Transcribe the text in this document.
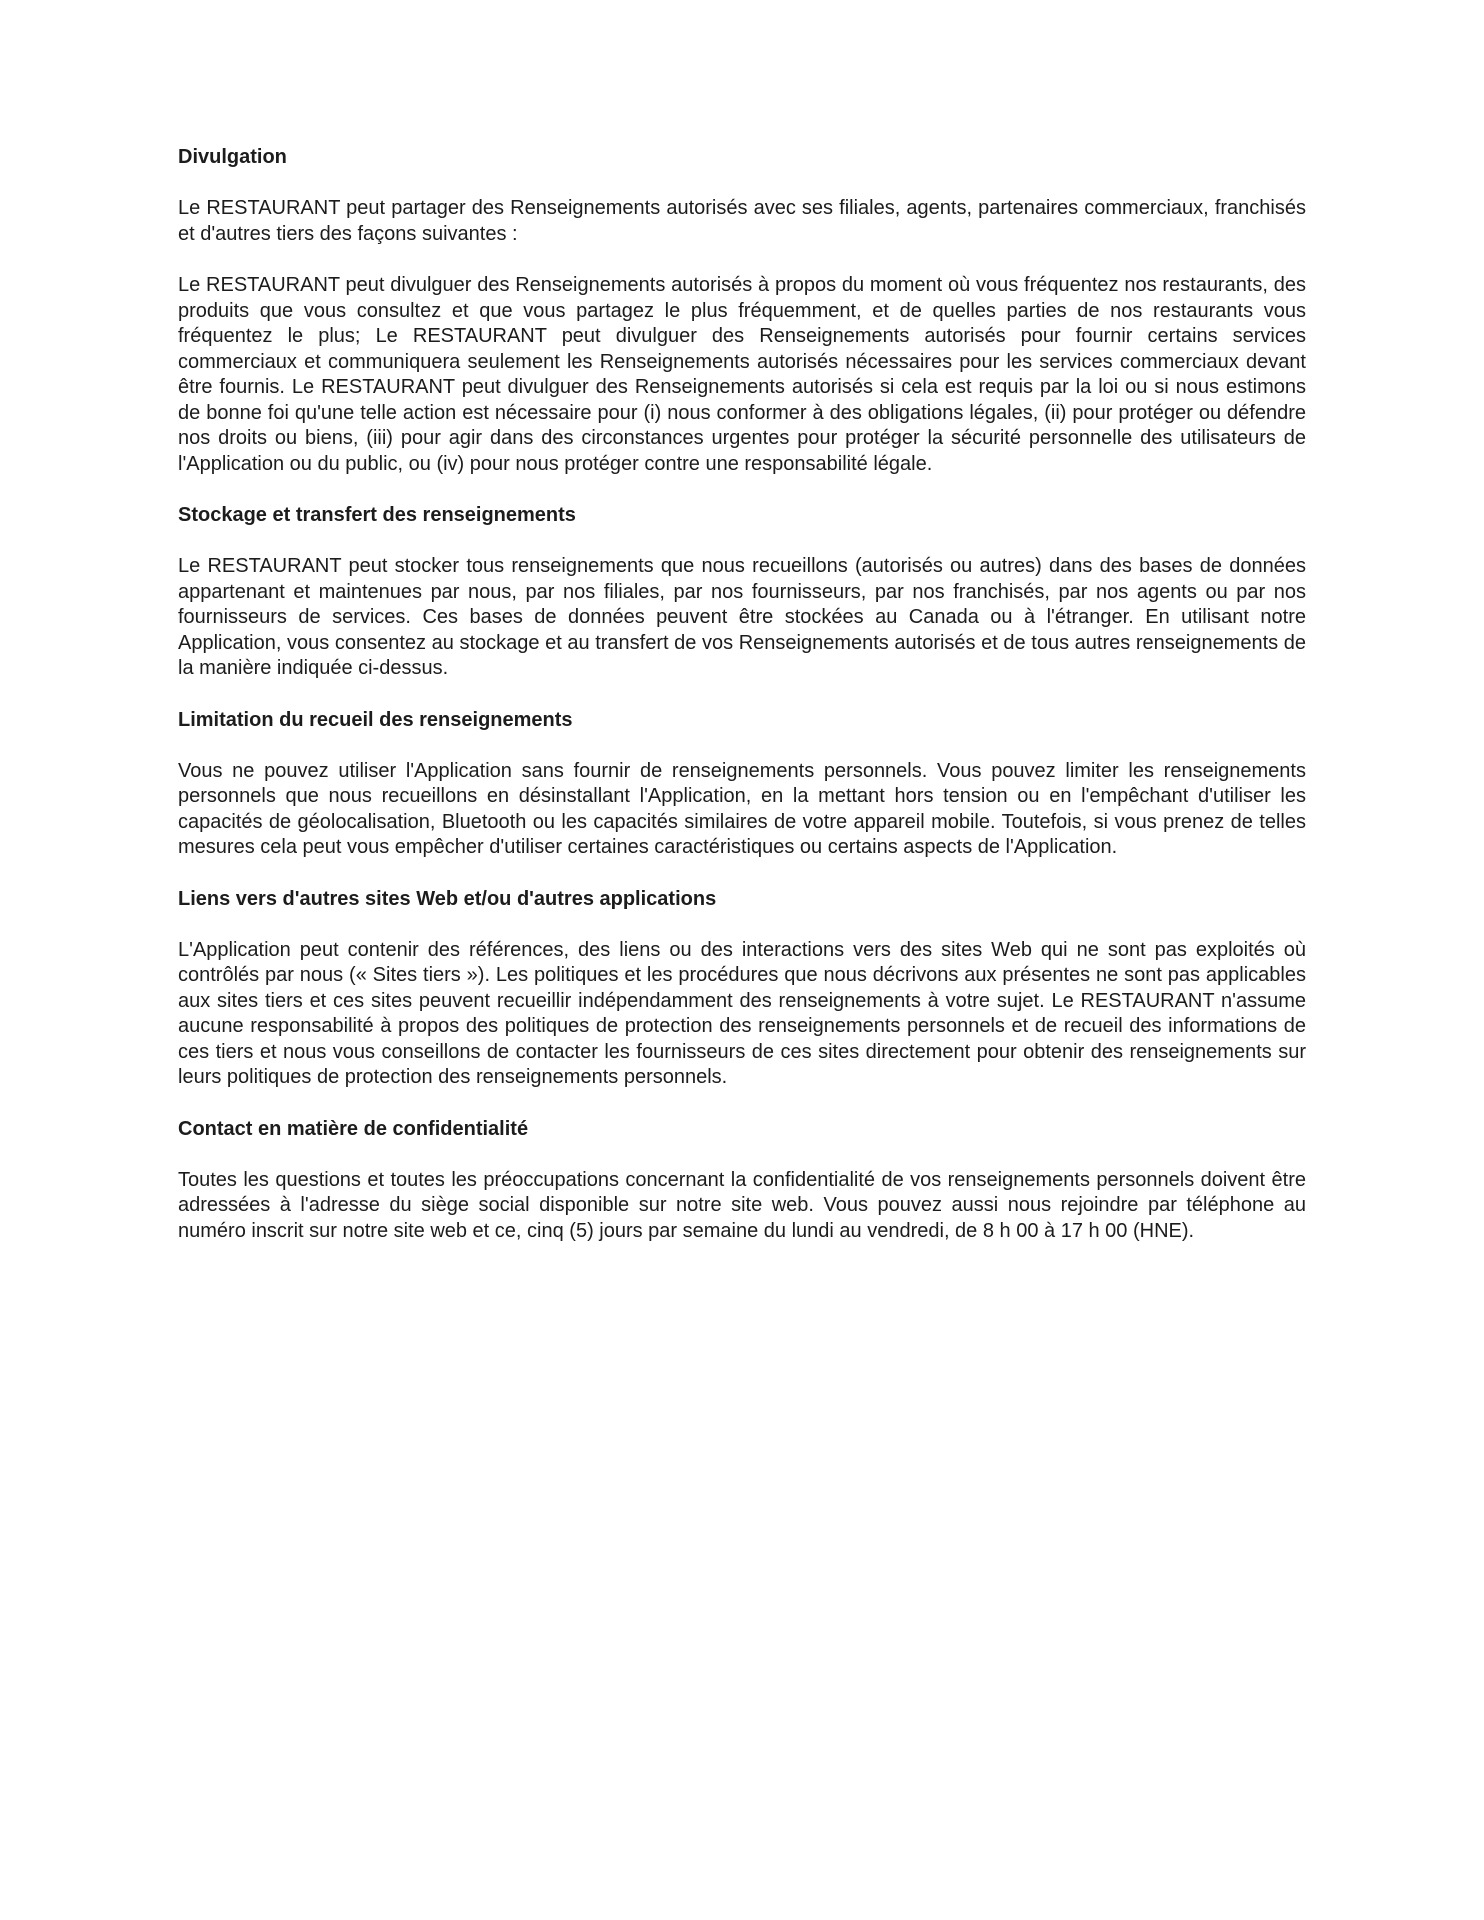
Divulgation

Le RESTAURANT peut partager des Renseignements autorisés avec ses filiales, agents, partenaires commerciaux, franchisés et d'autres tiers des façons suivantes :

Le RESTAURANT peut divulguer des Renseignements autorisés à propos du moment où vous fréquentez nos restaurants, des produits que vous consultez et que vous partagez le plus fréquemment, et de quelles parties de nos restaurants vous fréquentez le plus; Le RESTAURANT peut divulguer des Renseignements autorisés pour fournir certains services commerciaux et communiquera seulement les Renseignements autorisés nécessaires pour les services commerciaux devant être fournis. Le RESTAURANT peut divulguer des Renseignements autorisés si cela est requis par la loi ou si nous estimons de bonne foi qu'une telle action est nécessaire pour (i) nous conformer à des obligations légales, (ii) pour protéger ou défendre nos droits ou biens, (iii) pour agir dans des circonstances urgentes pour protéger la sécurité personnelle des utilisateurs de l'Application ou du public, ou (iv) pour nous protéger contre une responsabilité légale.

Stockage et transfert des renseignements

Le RESTAURANT peut stocker tous renseignements que nous recueillons (autorisés ou autres) dans des bases de données appartenant et maintenues par nous, par nos filiales, par nos fournisseurs, par nos franchisés, par nos agents ou par nos fournisseurs de services. Ces bases de données peuvent être stockées au Canada ou à l'étranger. En utilisant notre Application, vous consentez au stockage et au transfert de vos Renseignements autorisés et de tous autres renseignements de la manière indiquée ci-dessus.

Limitation du recueil des renseignements

Vous ne pouvez utiliser l'Application sans fournir de renseignements personnels. Vous pouvez limiter les renseignements personnels que nous recueillons en désinstallant l'Application, en la mettant hors tension ou en l'empêchant d'utiliser les capacités de géolocalisation, Bluetooth ou les capacités similaires de votre appareil mobile. Toutefois, si vous prenez de telles mesures cela peut vous empêcher d'utiliser certaines caractéristiques ou certains aspects de l'Application.

Liens vers d'autres sites Web et/ou d'autres applications

L'Application peut contenir des références, des liens ou des interactions vers des sites Web qui ne sont pas exploités où contrôlés par nous (« Sites tiers »). Les politiques et les procédures que nous décrivons aux présentes ne sont pas applicables aux sites tiers et ces sites peuvent recueillir indépendamment des renseignements à votre sujet. Le RESTAURANT n'assume aucune responsabilité à propos des politiques de protection des renseignements personnels et de recueil des informations de ces tiers et nous vous conseillons de contacter les fournisseurs de ces sites directement pour obtenir des renseignements sur leurs politiques de protection des renseignements personnels.

Contact en matière de confidentialité

Toutes les questions et toutes les préoccupations concernant la confidentialité de vos renseignements personnels doivent être adressées à l'adresse du siège social disponible sur notre site web. Vous pouvez aussi nous rejoindre par téléphone au numéro inscrit sur notre site web et ce, cinq (5) jours par semaine du lundi au vendredi, de 8 h 00 à 17 h 00 (HNE).
